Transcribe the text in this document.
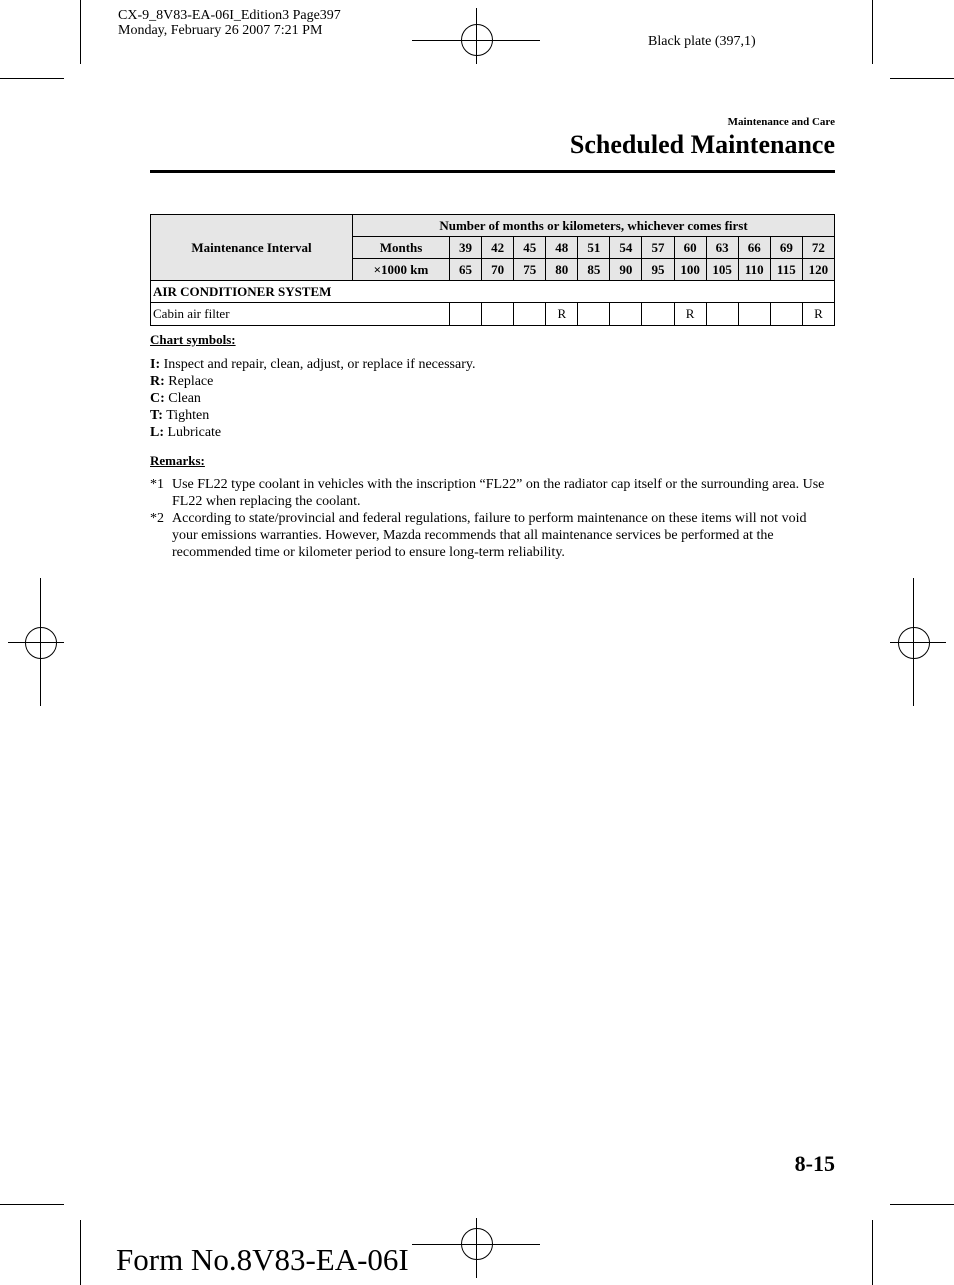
CX-9_8V83-EA-06I_Edition3 Page397
Monday, February 26 2007 7:21 PM
Black plate (397,1)
Maintenance and Care
Scheduled Maintenance
Maintenance Interval	Number of months or kilometers, whichever comes first												
	Months	39	42	45	48	51	54	57	60	63	66	69	72
	×1000 km	65	70	75	80	85	90	95	100	105	110	115	120
AIR CONDITIONER SYSTEM													
Cabin air filter					R				R				R
Chart symbols:
I: Inspect and repair, clean, adjust, or replace if necessary.
R: Replace
C: Clean
T: Tighten
L: Lubricate
Remarks:
*1 Use FL22 type coolant in vehicles with the inscription “FL22” on the radiator cap itself or the surrounding area. Use FL22 when replacing the coolant.
*2 According to state/provincial and federal regulations, failure to perform maintenance on these items will not void your emissions warranties. However, Mazda recommends that all maintenance services be performed at the recommended time or kilometer period to ensure long-term reliability.
8-15
Form No.8V83-EA-06I
